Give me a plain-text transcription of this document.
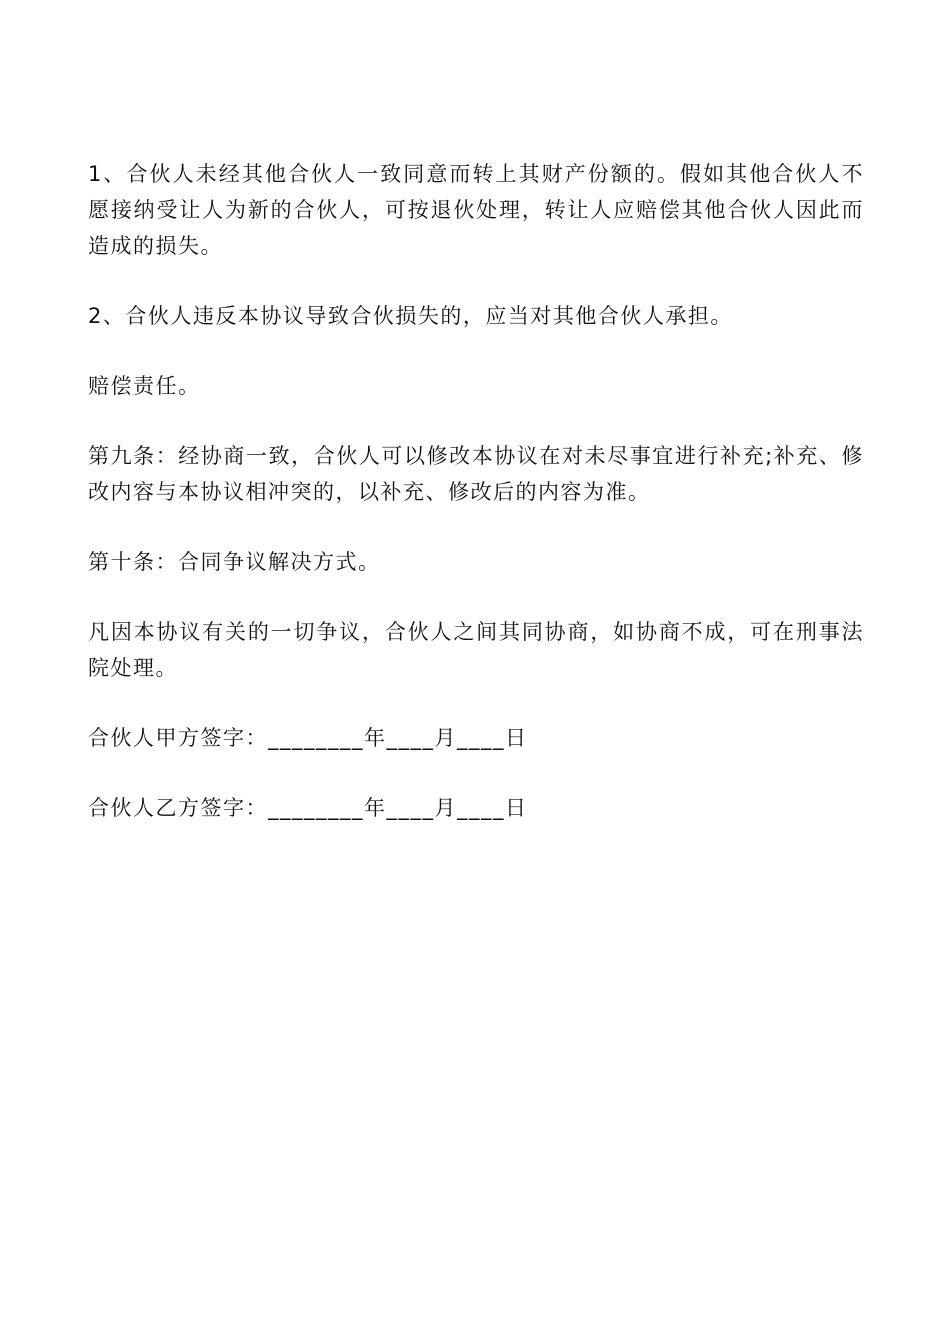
1、合伙人未经其他合伙人一致同意而转上其财产份额的。假如其他合伙人不愿接纳受让人为新的合伙人，可按退伙处理，转让人应赔偿其他合伙人因此而造成的损失。

2、合伙人违反本协议导致合伙损失的，应当对其他合伙人承担。

赔偿责任。

第九条：经协商一致，合伙人可以修改本协议在对未尽事宜进行补充;补充、修改内容与本协议相冲突的，以补充、修改后的内容为准。

第十条：合同争议解决方式。

凡因本协议有关的一切争议，合伙人之间其同协商，如协商不成，可在刑事法院处理。

合伙人甲方签字：________年____月____日

合伙人乙方签字：________年____月____日
